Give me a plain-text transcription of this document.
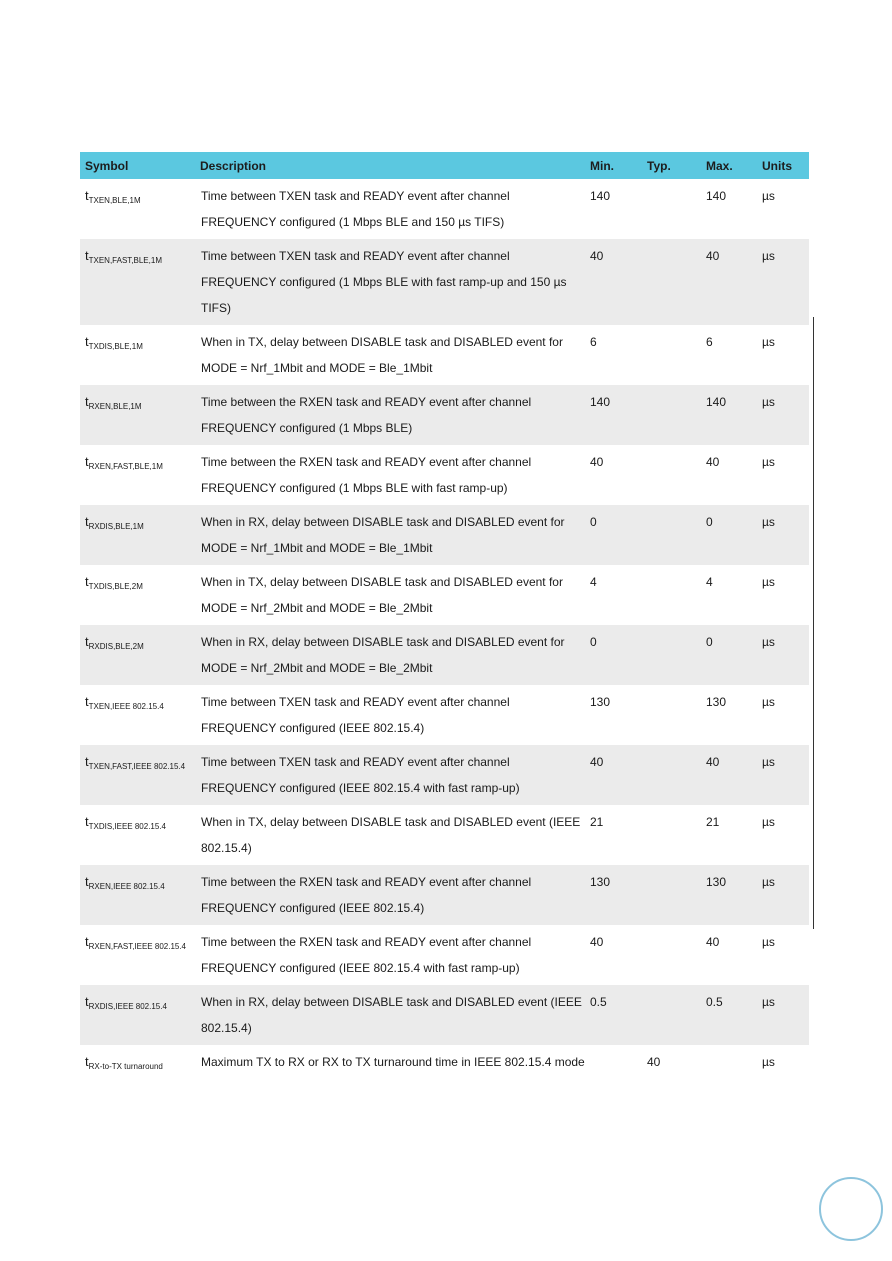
Symbol	Description	Min.	Typ.	Max.	Units
$t_{TXEN,BLE,1M}$	Time between TXEN task and READY event after channel FREQUENCY configured (1 Mbps BLE and 150 µs TIFS)	140		140	µs
$t_{TXEN,FAST,BLE,1M}$	Time between TXEN task and READY event after channel FREQUENCY configured (1 Mbps BLE with fast ramp-up and 150 µs TIFS)	40		40	µs
$t_{TXDIS,BLE,1M}$	When in TX, delay between DISABLE task and DISABLED event for MODE = Nrf_1Mbit and MODE = Ble_1Mbit	6		6	µs
$t_{RXEN,BLE,1M}$	Time between the RXEN task and READY event after channel FREQUENCY configured (1 Mbps BLE)	140		140	µs
$t_{RXEN,FAST,BLE,1M}$	Time between the RXEN task and READY event after channel FREQUENCY configured (1 Mbps BLE with fast ramp-up)	40		40	µs
$t_{RXDIS,BLE,1M}$	When in RX, delay between DISABLE task and DISABLED event for MODE = Nrf_1Mbit and MODE = Ble_1Mbit	0		0	µs
$t_{TXDIS,BLE,2M}$	When in TX, delay between DISABLE task and DISABLED event for MODE = Nrf_2Mbit and MODE = Ble_2Mbit	4		4	µs
$t_{RXDIS,BLE,2M}$	When in RX, delay between DISABLE task and DISABLED event for MODE = Nrf_2Mbit and MODE = Ble_2Mbit	0		0	µs
$t_{TXEN,IEEE 802.15.4}$	Time between TXEN task and READY event after channel FREQUENCY configured (IEEE 802.15.4)	130		130	µs
$t_{TXEN,FAST,IEEE 802.15.4}$	Time between TXEN task and READY event after channel FREQUENCY configured (IEEE 802.15.4 with fast ramp-up)	40		40	µs
$t_{TXDIS,IEEE 802.15.4}$	When in TX, delay between DISABLE task and DISABLED event (IEEE 802.15.4)	21		21	µs
$t_{RXEN,IEEE 802.15.4}$	Time between the RXEN task and READY event after channel FREQUENCY configured (IEEE 802.15.4)	130		130	µs
$t_{RXEN,FAST,IEEE 802.15.4}$	Time between the RXEN task and READY event after channel FREQUENCY configured (IEEE 802.15.4 with fast ramp-up)	40		40	µs
$t_{RXDIS,IEEE 802.15.4}$	When in RX, delay between DISABLE task and DISABLED event (IEEE 802.15.4)	0.5		0.5	µs
$t_{RX-to-TX turnaround}$	Maximum TX to RX or RX to TX turnaround time in IEEE 802.15.4 mode		40		µs
